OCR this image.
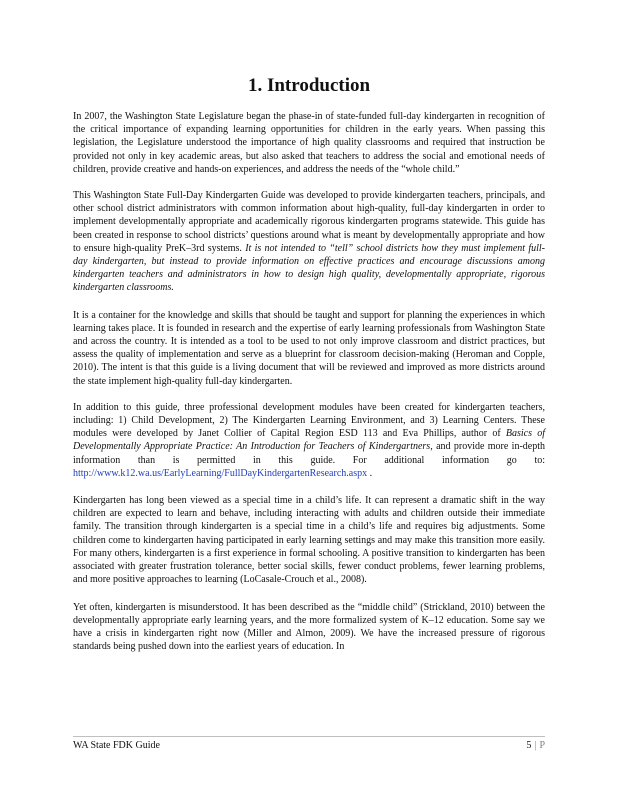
1. Introduction

In 2007, the Washington State Legislature began the phase-in of state-funded full-day kindergarten in recognition of the critical importance of expanding learning opportunities for children in the early years. When passing this legislation, the Legislature understood the importance of high quality classrooms and required that instruction be provided not only in key academic areas, but also asked that teachers to address the social and emotional needs of children, provide creative and hands-on experiences, and address the needs of the “whole child.”

This Washington State Full-Day Kindergarten Guide was developed to provide kindergarten teachers, principals, and other school district administrators with common information about high-quality, full-day kindergarten in order to implement developmentally appropriate and academically rigorous kindergarten programs statewide. This guide has been created in response to school districts’ questions around what is meant by developmentally appropriate and how to ensure high-quality PreK–3rd systems. It is not intended to “tell” school districts how they must implement full-day kindergarten, but instead to provide information on effective practices and encourage discussions among kindergarten teachers and administrators in how to design high quality, developmentally appropriate, rigorous kindergarten classrooms.

It is a container for the knowledge and skills that should be taught and support for planning the experiences in which learning takes place. It is founded in research and the expertise of early learning professionals from Washington State and across the country. It is intended as a tool to be used to not only improve classroom and district practices, but assess the quality of implementation and serve as a blueprint for classroom decision-making (Heroman and Copple, 2010). The intent is that this guide is a living document that will be reviewed and improved as more districts around the state implement high-quality full-day kindergarten.

In addition to this guide, three professional development modules have been created for kindergarten teachers, including: 1) Child Development, 2) The Kindergarten Learning Environment, and 3) Learning Centers. These modules were developed by Janet Collier of Capital Region ESD 113 and Eva Phillips, author of Basics of Developmentally Appropriate Practice: An Introduction for Teachers of Kindergartners, and provide more in-depth information than is permitted in this guide. For additional information go to: http://www.k12.wa.us/EarlyLearning/FullDayKindergartenResearch.aspx .

Kindergarten has long been viewed as a special time in a child’s life. It can represent a dramatic shift in the way children are expected to learn and behave, including interacting with adults and children outside their immediate family. The transition through kindergarten is a special time in a child’s life and requires big adjustments. Some children come to kindergarten having participated in early learning settings and may make this transition more easily. For many others, kindergarten is a first experience in formal schooling. A positive transition to kindergarten has been associated with greater frustration tolerance, better social skills, fewer conduct problems, fewer learning problems, and more positive approaches to learning (LoCasale-Crouch et al., 2008).

Yet often, kindergarten is misunderstood. It has been described as the “middle child” (Strickland, 2010) between the developmentally appropriate early learning years, and the more formalized system of K–12 education. Some say we have a crisis in kindergarten right now (Miller and Almon, 2009). We have the increased pressure of rigorous standards being pushed down into the earliest years of education. In

WA State FDK Guide	5 | P
